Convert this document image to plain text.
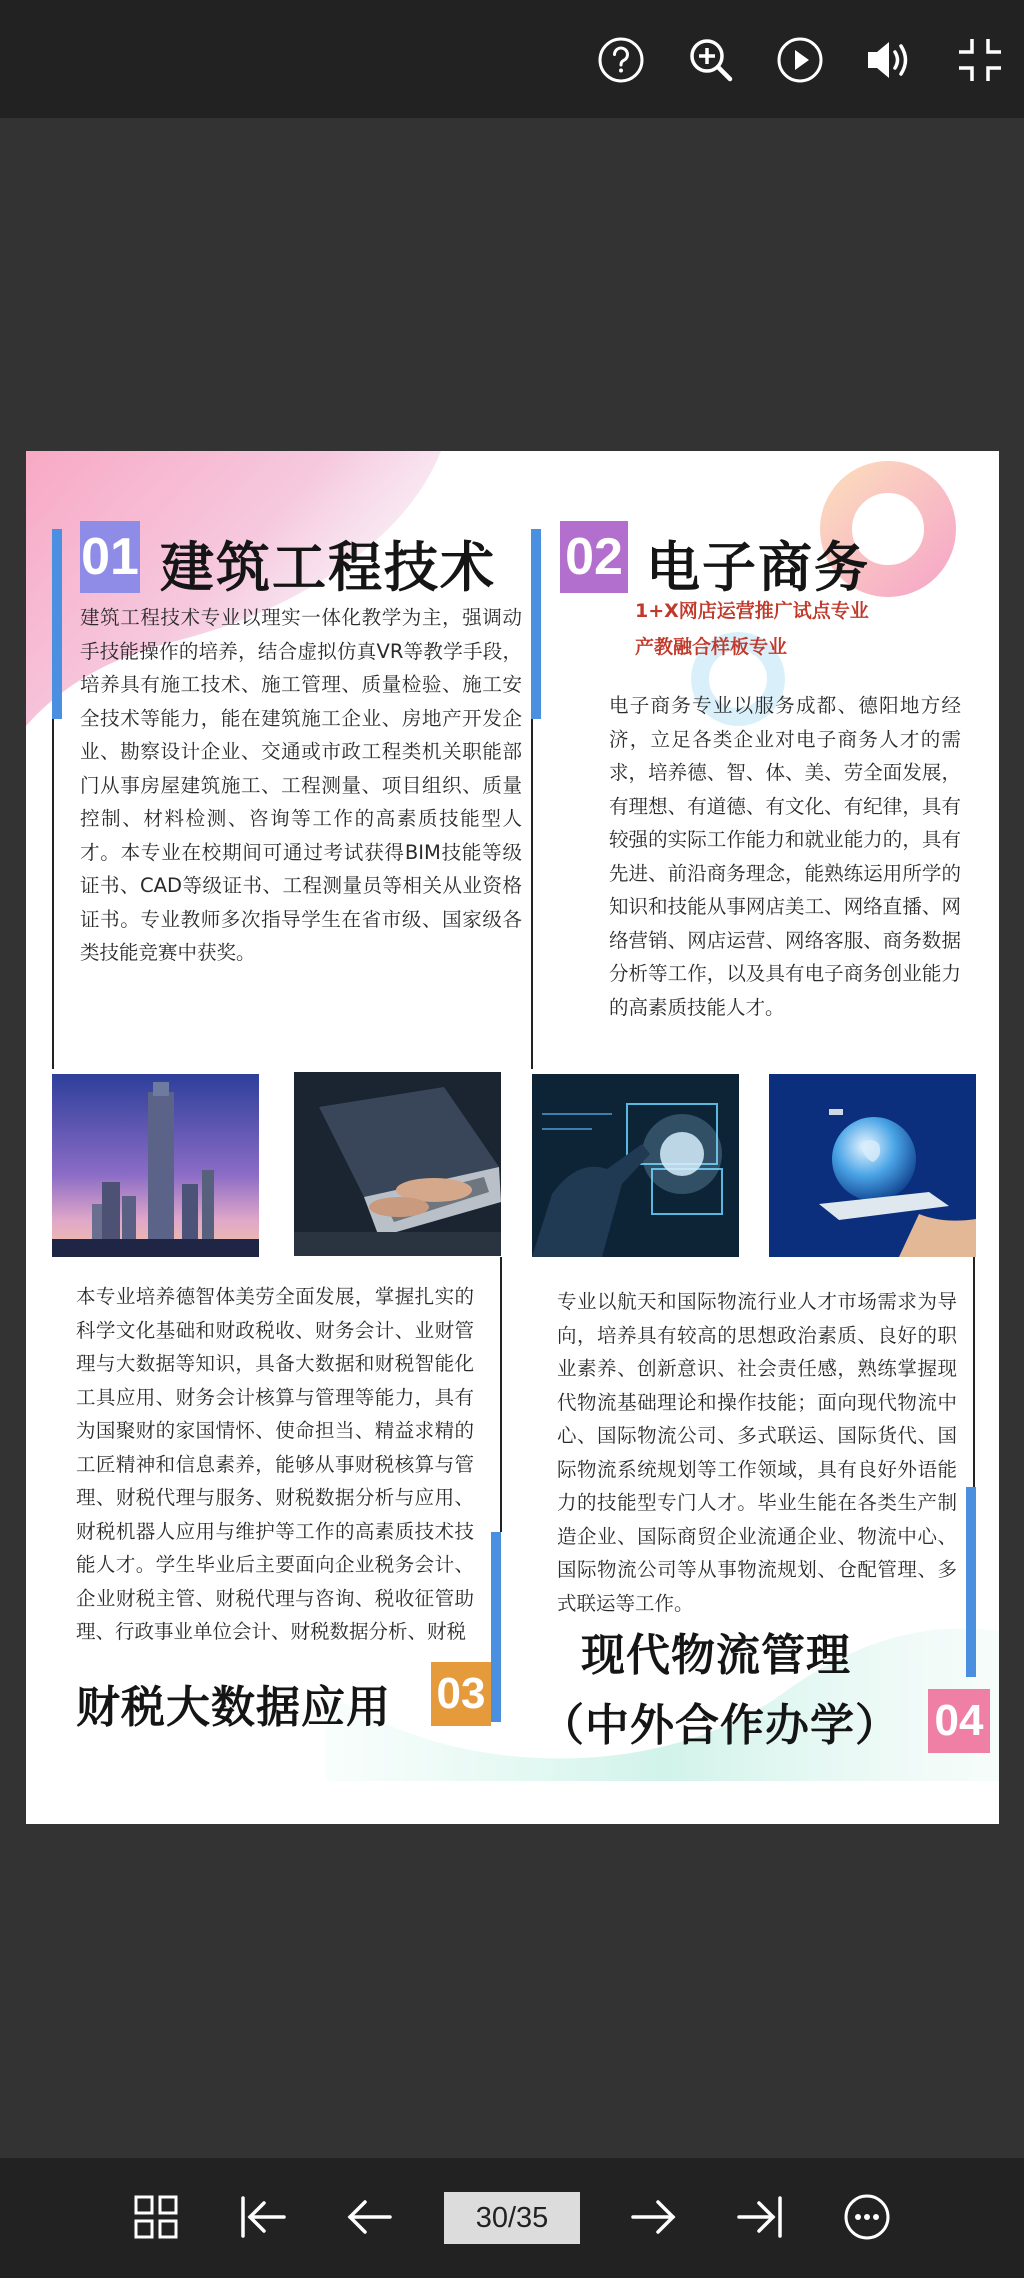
01 建筑工程技术
建筑工程技术专业以理实一体化教学为主，强调动手技能操作的培养，结合虚拟仿真VR等教学手段，培养具有施工技术、施工管理、质量检验、施工安全技术等能力，能在建筑施工企业、房地产开发企业、勘察设计企业、交通或市政工程类机关职能部门从事房屋建筑施工、工程测量、项目组织、质量控制、材料检测、咨询等工作的高素质技能型人才。本专业在校期间可通过考试获得BIM技能等级证书、CAD等级证书、工程测量员等相关从业资格证书。专业教师多次指导学生在省市级、国家级各类技能竞赛中获奖。
02 电子商务
1+X网店运营推广试点专业
产教融合样板专业
电子商务专业以服务成都、德阳地方经济，立足各类企业对电子商务人才的需求，培养德、智、体、美、劳全面发展，有理想、有道德、有文化、有纪律，具有较强的实际工作能力和就业能力的，具有先进、前沿商务理念，能熟练运用所学的知识和技能从事网店美工、网络直播、网络营销、网店运营、网络客服、商务数据分析等工作，以及具有电子商务创业能力的高素质技能人才。
本专业培养德智体美劳全面发展，掌握扎实的科学文化基础和财政税收、财务会计、业财管理与大数据等知识，具备大数据和财税智能化工具应用、财务会计核算与管理等能力，具有为国聚财的家国情怀、使命担当、精益求精的工匠精神和信息素养，能够从事财税核算与管理、财税代理与服务、财税数据分析与应用、财税机器人应用与维护等工作的高素质技术技能人才。学生毕业后主要面向企业税务会计、企业财税主管、财税代理与咨询、税收征管助理、行政事业单位会计、财税数据分析、财税
财税大数据应用 03
专业以航天和国际物流行业人才市场需求为导向，培养具有较高的思想政治素质、良好的职业素养、创新意识、社会责任感，熟练掌握现代物流基础理论和操作技能；面向现代物流中心、国际物流公司、多式联运、国际货代、国际物流系统规划等工作领域，具有良好外语能力的技能型专门人才。毕业生能在各类生产制造企业、国际商贸企业流通企业、物流中心、国际物流公司等从事物流规划、仓配管理、多式联运等工作。
现代物流管理
（中外合作办学） 04
30/35
